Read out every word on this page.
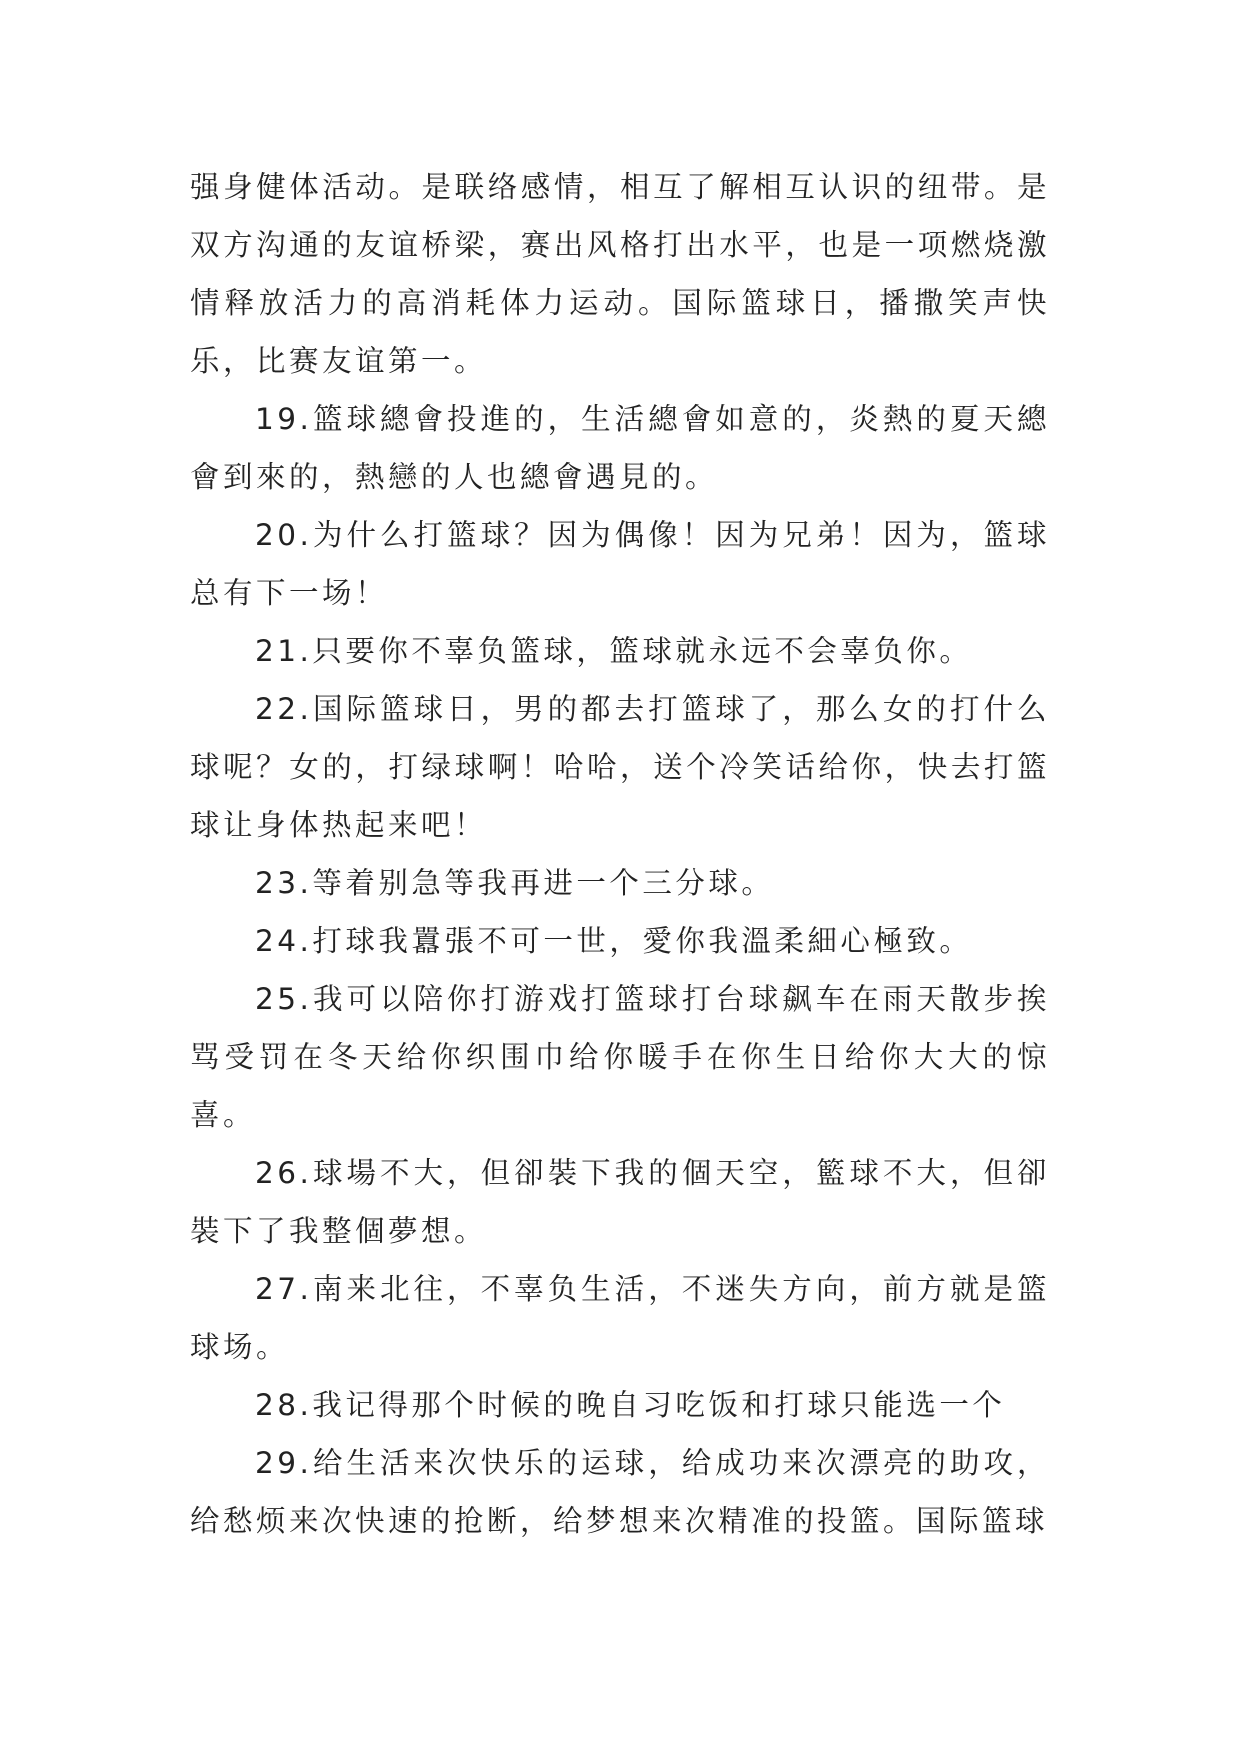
强身健体活动。是联络感情，相互了解相互认识的纽带。是双方沟通的友谊桥梁，赛出风格打出水平，也是一项燃烧激情释放活力的高消耗体力运动。国际篮球日，播撒笑声快乐，比赛友谊第一。

19.篮球總會投進的，生活總會如意的，炎熱的夏天總會到來的，熱戀的人也總會遇見的。

20.为什么打篮球？因为偶像！因为兄弟！因为，篮球总有下一场！

21.只要你不辜负篮球，篮球就永远不会辜负你。

22.国际篮球日，男的都去打篮球了，那么女的打什么球呢？女的，打绿球啊！哈哈，送个冷笑话给你，快去打篮球让身体热起来吧！

23.等着别急等我再进一个三分球。

24.打球我囂張不可一世，愛你我溫柔細心極致。

25.我可以陪你打游戏打篮球打台球飙车在雨天散步挨骂受罚在冬天给你织围巾给你暖手在你生日给你大大的惊喜。

26.球場不大，但卻裝下我的個天空，籃球不大，但卻裝下了我整個夢想。

27.南来北往，不辜负生活，不迷失方向，前方就是篮球场。

28.我记得那个时候的晚自习吃饭和打球只能选一个

29.给生活来次快乐的运球，给成功来次漂亮的助攻，给愁烦来次快速的抢断，给梦想来次精准的投篮。国际篮球
